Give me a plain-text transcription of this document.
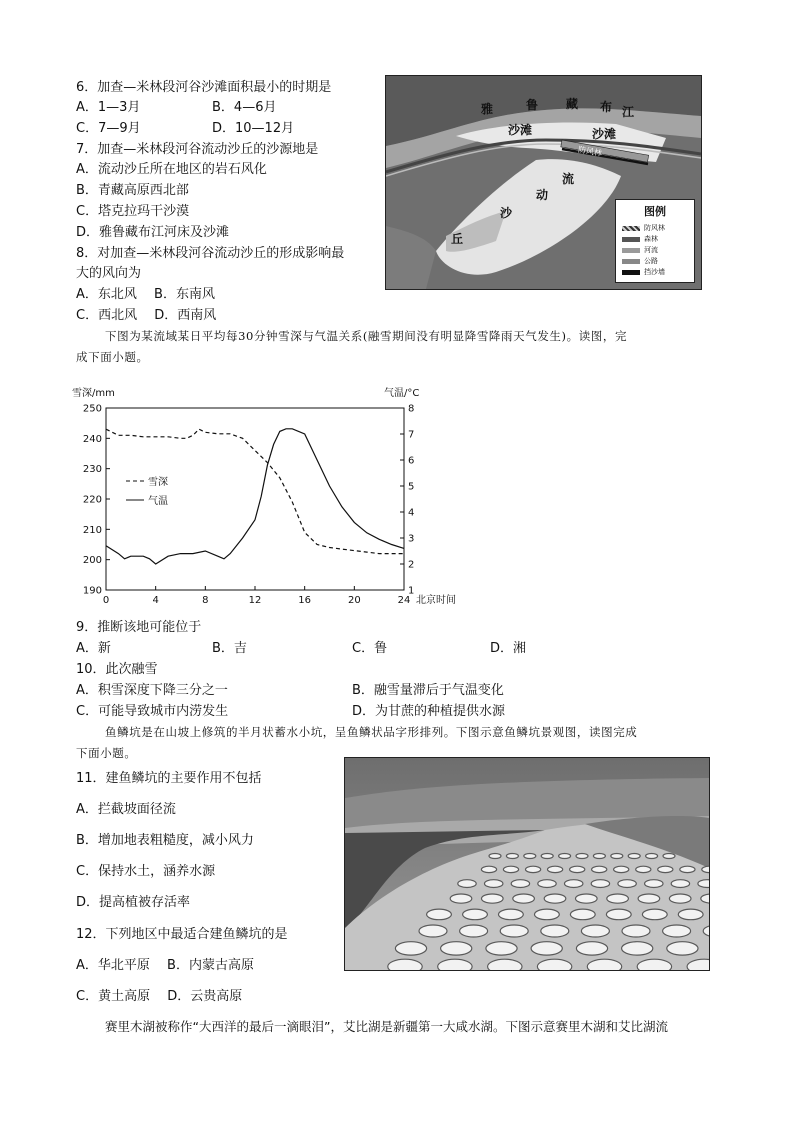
6．加查—米林段河谷沙滩面积最小的时期是
A．1—3月	B．4—6月
C．7—9月	D．10—12月
7．加查—米林段河谷流动沙丘的沙源地是
A．流动沙丘所在地区的岩石风化
B．青藏高原西北部
C．塔克拉玛干沙漠
D．雅鲁藏布江河床及沙滩
8．对加查—米林段河谷流动沙丘的形成影响最
大的风向为
A．东北风　 B．东南风
C．西北风　 D．西南风
雅	鲁 藏 布 江
沙滩	沙滩
防风林
流
动
沙
丘
图例
防风林
森林
河流
公路
挡沙墙
下图为某流域某日平均每30分钟雪深与气温关系(融雪期间没有明显降雪降雨天气发生)。读图，完
成下面小题。
190
200
210
220
230
240
250
1
2
3
4
5
6
7
8
0	4	8	12	16	20	24
雪深/mm	气温/°C
北京时间
雪深
气温
9．推断该地可能位于
A．新	B．吉	C．鲁	D．湘
10．此次融雪
A．积雪深度下降三分之一	B．融雪量滞后于气温变化
C．可能导致城市内涝发生	D．为甘蔗的种植提供水源
鱼鳞坑是在山坡上修筑的半月状蓄水小坑，呈鱼鳞状品字形排列。下图示意鱼鳞坑景观图，读图完成
下面小题。
11．建鱼鳞坑的主要作用不包括
A．拦截坡面径流
B．增加地表粗糙度，减小风力
C．保持水土，涵养水源
D．提高植被存活率
12．下列地区中最适合建鱼鳞坑的是
A．华北平原　 B．内蒙古高原
C．黄土高原　 D．云贵高原
赛里木湖被称作“大西洋的最后一滴眼泪”，艾比湖是新疆第一大咸水湖。下图示意赛里木湖和艾比湖流
